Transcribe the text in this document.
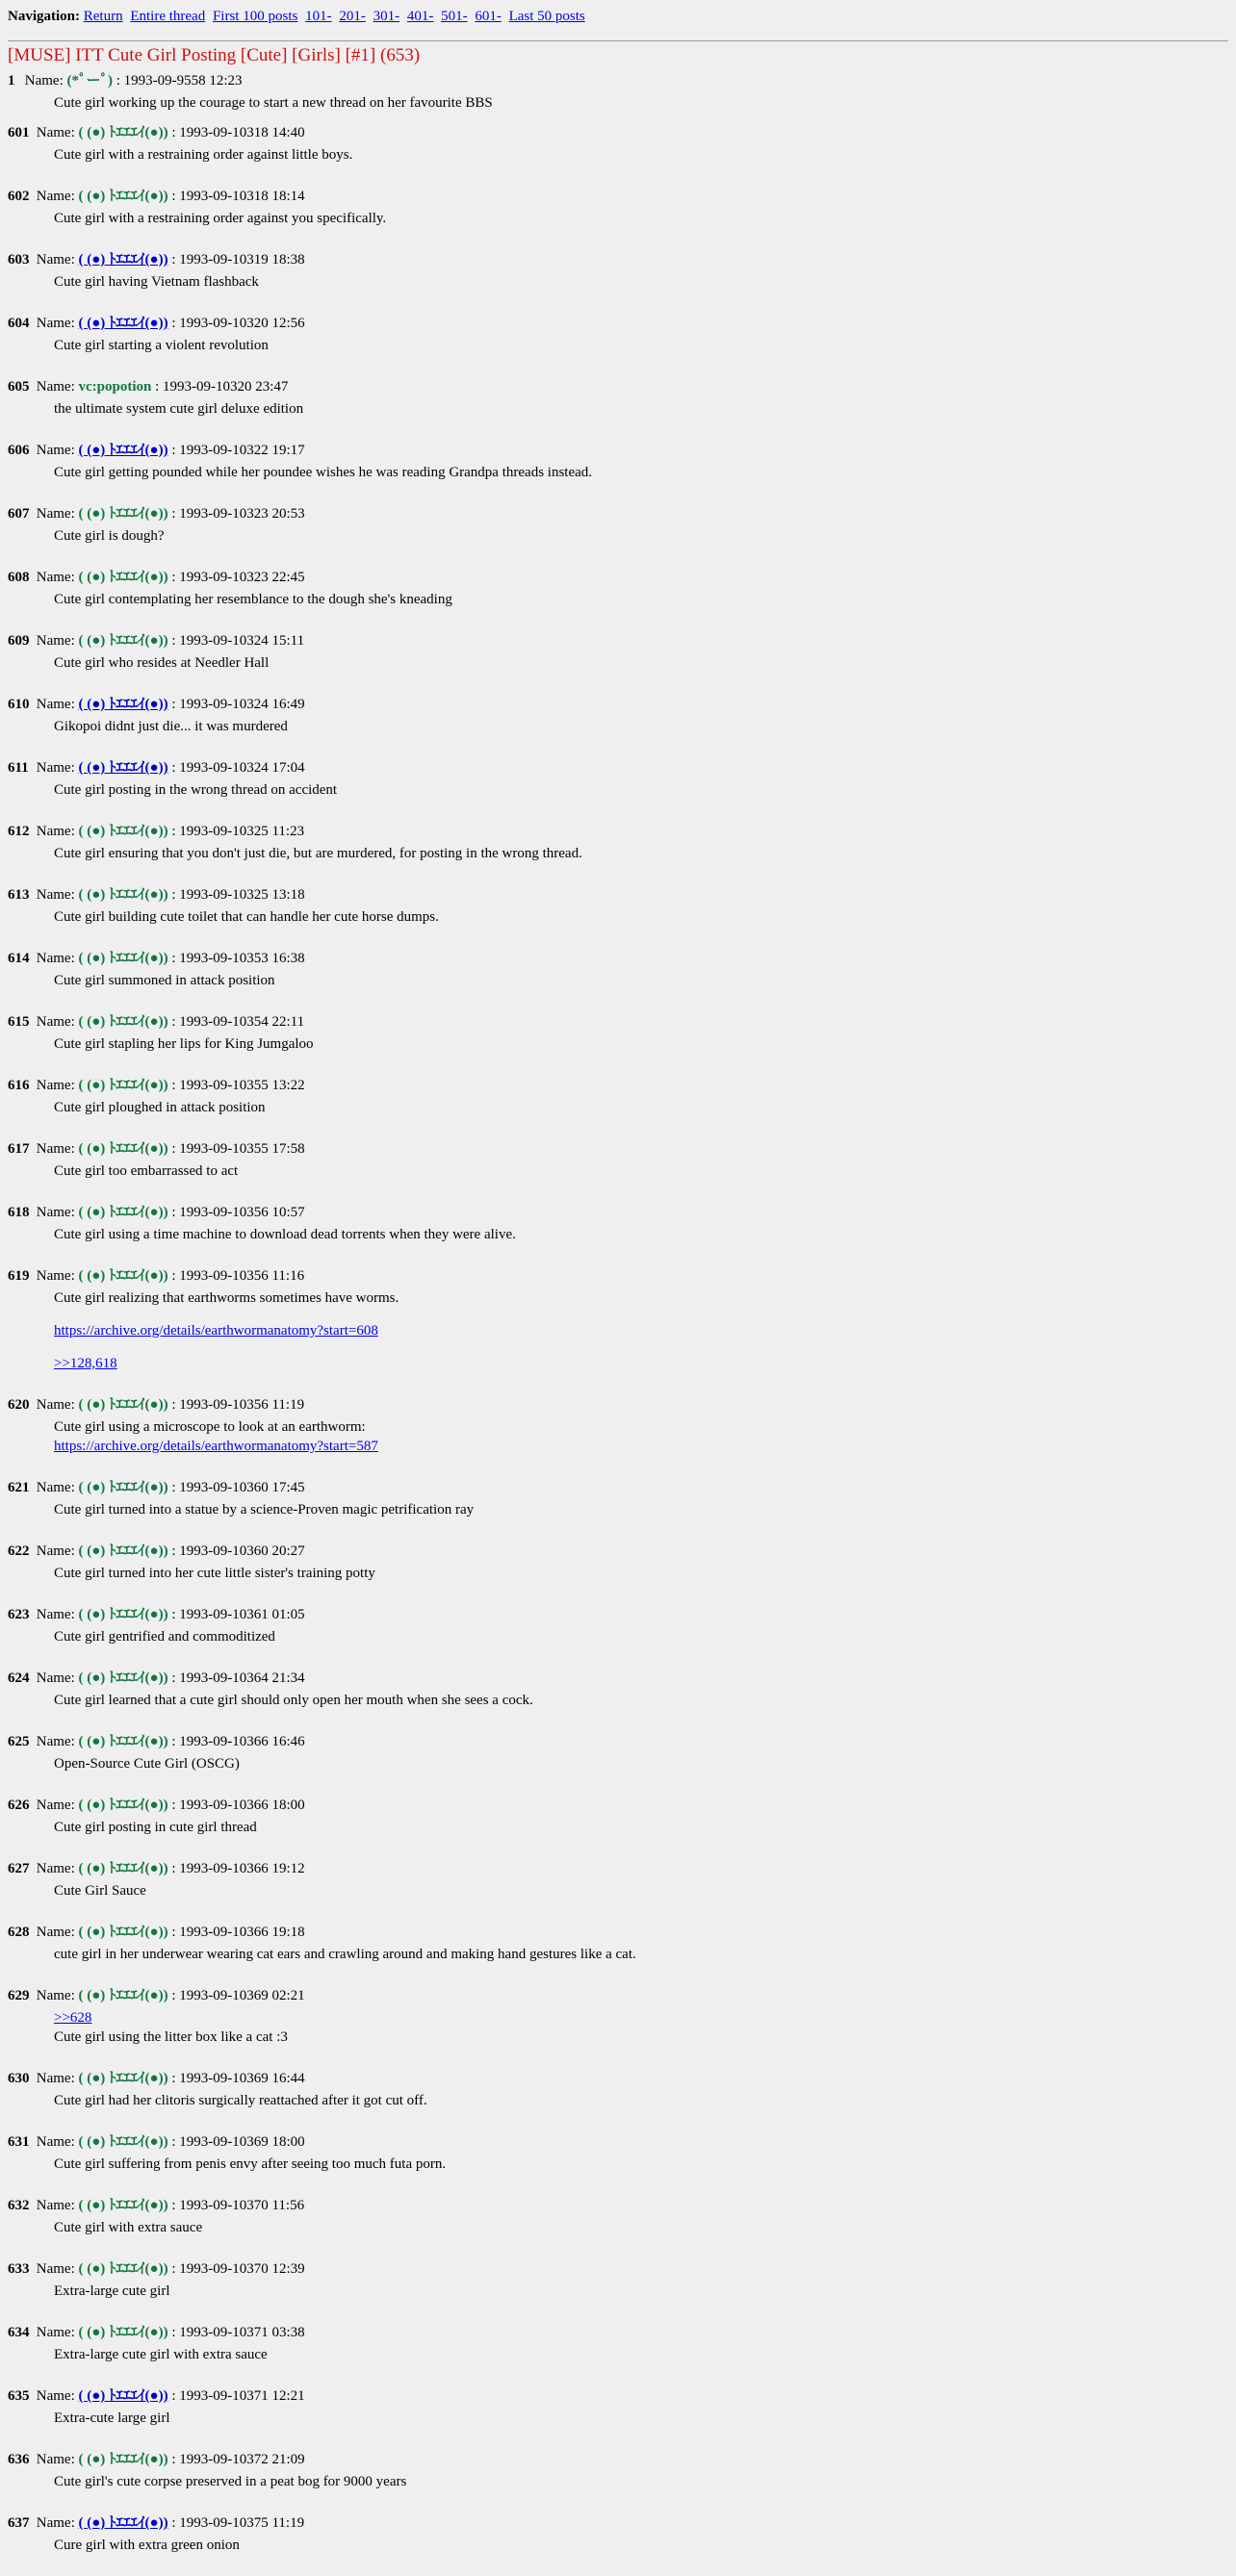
Navigation: Return Entire thread First 100 posts 101- 201- 301- 401- 501- 601- Last 50 posts
[MUSE] ITT Cute Girl Posting [Cute] [Girls] [#1] (653)
1 Name: (*ﾟーﾟ) : 1993-09-9558 12:23
Cute girl working up the courage to start a new thread on her favourite BBS
601 Name: ( (●) ﾄｴｴｴｲ(●)) : 1993-09-10318 14:40
Cute girl with a restraining order against little boys.
602 Name: ( (●) ﾄｴｴｴｲ(●)) : 1993-09-10318 18:14
Cute girl with a restraining order against you specifically.
603 Name: ( (●) ﾄｴｴｴｲ(●)) : 1993-09-10319 18:38
Cute girl having Vietnam flashback
604 Name: ( (●) ﾄｴｴｴｲ(●)) : 1993-09-10320 12:56
Cute girl starting a violent revolution
605 Name: vc:popotion : 1993-09-10320 23:47
the ultimate system cute girl deluxe edition
606 Name: ( (●) ﾄｴｴｴｲ(●)) : 1993-09-10322 19:17
Cute girl getting pounded while her poundee wishes he was reading Grandpa threads instead.
607 Name: ( (●) ﾄｴｴｴｲ(●)) : 1993-09-10323 20:53
Cute girl is dough?
608 Name: ( (●) ﾄｴｴｴｲ(●)) : 1993-09-10323 22:45
Cute girl contemplating her resemblance to the dough she's kneading
609 Name: ( (●) ﾄｴｴｴｲ(●)) : 1993-09-10324 15:11
Cute girl who resides at Needler Hall
610 Name: ( (●) ﾄｴｴｴｲ(●)) : 1993-09-10324 16:49
Gikopoi didnt just die... it was murdered
611 Name: ( (●) ﾄｴｴｴｲ(●)) : 1993-09-10324 17:04
Cute girl posting in the wrong thread on accident
612 Name: ( (●) ﾄｴｴｴｲ(●)) : 1993-09-10325 11:23
Cute girl ensuring that you don't just die, but are murdered, for posting in the wrong thread.
613 Name: ( (●) ﾄｴｴｴｲ(●)) : 1993-09-10325 13:18
Cute girl building cute toilet that can handle her cute horse dumps.
614 Name: ( (●) ﾄｴｴｴｲ(●)) : 1993-09-10353 16:38
Cute girl summoned in attack position
615 Name: ( (●) ﾄｴｴｴｲ(●)) : 1993-09-10354 22:11
Cute girl stapling her lips for King Jumgaloo
616 Name: ( (●) ﾄｴｴｴｲ(●)) : 1993-09-10355 13:22
Cute girl ploughed in attack position
617 Name: ( (●) ﾄｴｴｴｲ(●)) : 1993-09-10355 17:58
Cute girl too embarrassed to act
618 Name: ( (●) ﾄｴｴｴｲ(●)) : 1993-09-10356 10:57
Cute girl using a time machine to download dead torrents when they were alive.
619 Name: ( (●) ﾄｴｴｴｲ(●)) : 1993-09-10356 11:16
Cute girl realizing that earthworms sometimes have worms.
https://archive.org/details/earthwormanatomy?start=608
>>128,618
620 Name: ( (●) ﾄｴｴｴｲ(●)) : 1993-09-10356 11:19
Cute girl using a microscope to look at an earthworm:
https://archive.org/details/earthwormanatomy?start=587
621 Name: ( (●) ﾄｴｴｴｲ(●)) : 1993-09-10360 17:45
Cute girl turned into a statue by a science-Proven magic petrification ray
622 Name: ( (●) ﾄｴｴｴｲ(●)) : 1993-09-10360 20:27
Cute girl turned into her cute little sister's training potty
623 Name: ( (●) ﾄｴｴｴｲ(●)) : 1993-09-10361 01:05
Cute girl gentrified and commoditized
624 Name: ( (●) ﾄｴｴｴｲ(●)) : 1993-09-10364 21:34
Cute girl learned that a cute girl should only open her mouth when she sees a cock.
625 Name: ( (●) ﾄｴｴｴｲ(●)) : 1993-09-10366 16:46
Open-Source Cute Girl (OSCG)
626 Name: ( (●) ﾄｴｴｴｲ(●)) : 1993-09-10366 18:00
Cute girl posting in cute girl thread
627 Name: ( (●) ﾄｴｴｴｲ(●)) : 1993-09-10366 19:12
Cute Girl Sauce
628 Name: ( (●) ﾄｴｴｴｲ(●)) : 1993-09-10366 19:18
cute girl in her underwear wearing cat ears and crawling around and making hand gestures like a cat.
629 Name: ( (●) ﾄｴｴｴｲ(●)) : 1993-09-10369 02:21
>>628
Cute girl using the litter box like a cat :3
630 Name: ( (●) ﾄｴｴｴｲ(●)) : 1993-09-10369 16:44
Cute girl had her clitoris surgically reattached after it got cut off.
631 Name: ( (●) ﾄｴｴｴｲ(●)) : 1993-09-10369 18:00
Cute girl suffering from penis envy after seeing too much futa porn.
632 Name: ( (●) ﾄｴｴｴｲ(●)) : 1993-09-10370 11:56
Cute girl with extra sauce
633 Name: ( (●) ﾄｴｴｴｲ(●)) : 1993-09-10370 12:39
Extra-large cute girl
634 Name: ( (●) ﾄｴｴｴｲ(●)) : 1993-09-10371 03:38
Extra-large cute girl with extra sauce
635 Name: ( (●) ﾄｴｴｴｲ(●)) : 1993-09-10371 12:21
Extra-cute large girl
636 Name: ( (●) ﾄｴｴｴｲ(●)) : 1993-09-10372 21:09
Cute girl's cute corpse preserved in a peat bog for 9000 years
637 Name: ( (●) ﾄｴｴｴｲ(●)) : 1993-09-10375 11:19
Cure girl with extra green onion
